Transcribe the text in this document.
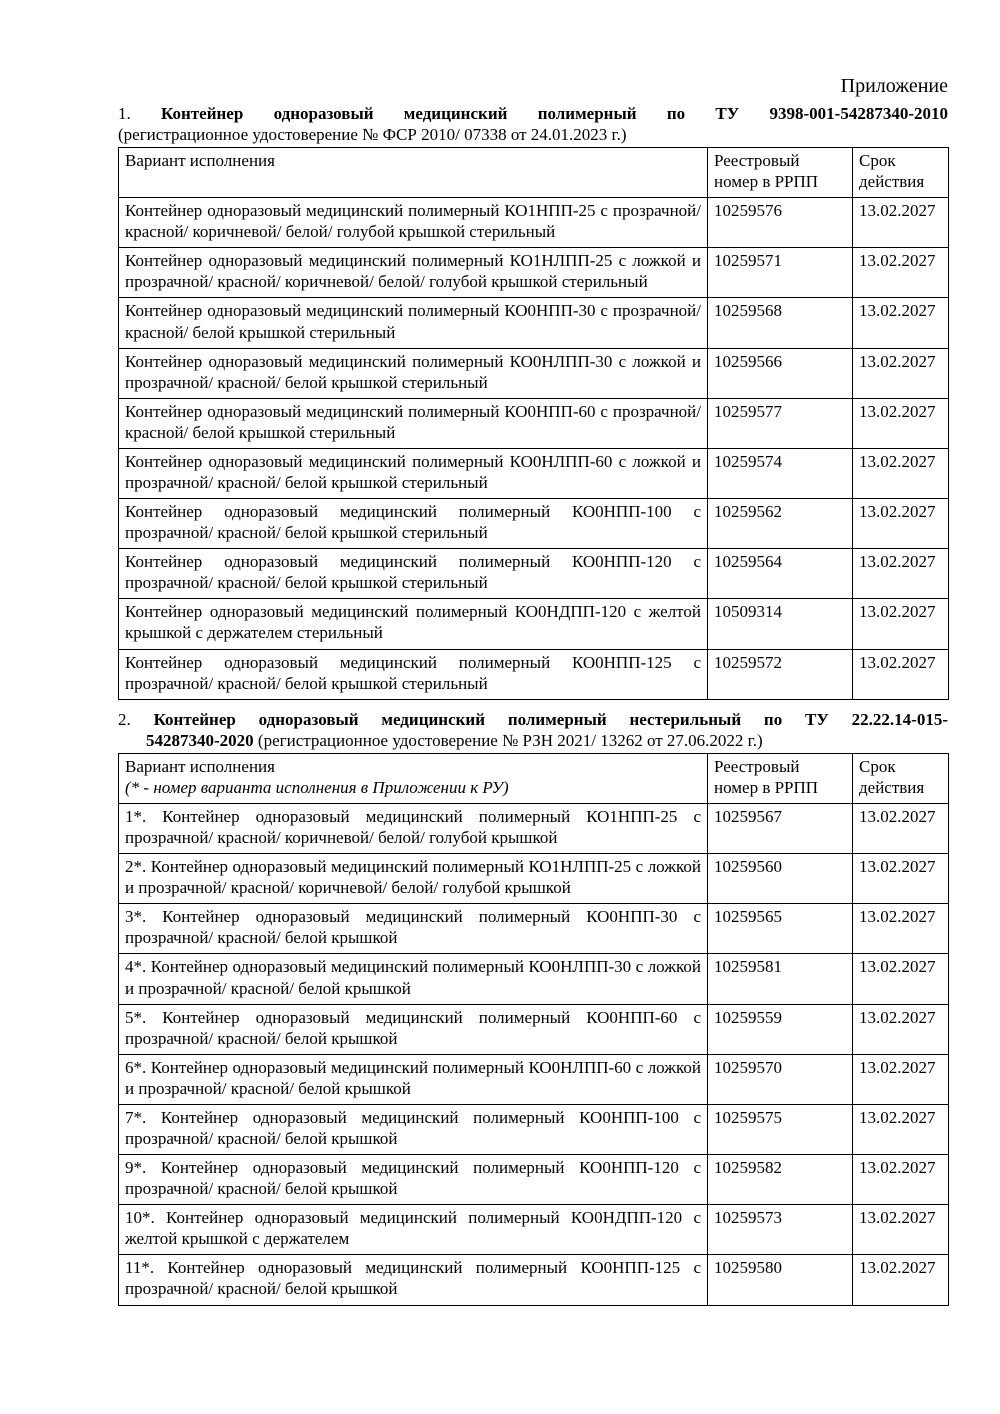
Приложение

1. Контейнер одноразовый медицинский полимерный по ТУ 9398-001-54287340-2010
(регистрационное удостоверение № ФСР 2010/ 07338 от 24.01.2023 г.)

Вариант исполнения	Реестровый номер в РРПП	Срок действия
Контейнер одноразовый медицинский полимерный КО1НПП-25 с прозрачной/ красной/ коричневой/ белой/ голубой крышкой стерильный	10259576	13.02.2027
Контейнер одноразовый медицинский полимерный КО1НЛПП-25 с ложкой и прозрачной/ красной/ коричневой/ белой/ голубой крышкой стерильный	10259571	13.02.2027
Контейнер одноразовый медицинский полимерный КО0НПП-30 с прозрачной/ красной/ белой крышкой стерильный	10259568	13.02.2027
Контейнер одноразовый медицинский полимерный КО0НЛПП-30 с ложкой и прозрачной/ красной/ белой крышкой стерильный	10259566	13.02.2027
Контейнер одноразовый медицинский полимерный КО0НПП-60 с прозрачной/ красной/ белой крышкой стерильный	10259577	13.02.2027
Контейнер одноразовый медицинский полимерный КО0НЛПП-60 с ложкой и прозрачной/ красной/ белой крышкой стерильный	10259574	13.02.2027
Контейнер одноразовый медицинский полимерный КО0НПП-100 с прозрачной/ красной/ белой крышкой стерильный	10259562	13.02.2027
Контейнер одноразовый медицинский полимерный КО0НПП-120 с прозрачной/ красной/ белой крышкой стерильный	10259564	13.02.2027
Контейнер одноразовый медицинский полимерный КО0НДПП-120 с желтой крышкой с держателем стерильный	10509314	13.02.2027
Контейнер одноразовый медицинский полимерный КО0НПП-125 с прозрачной/ красной/ белой крышкой стерильный	10259572	13.02.2027

2. Контейнер одноразовый медицинский полимерный нестерильный по ТУ 22.22.14-015-
54287340-2020 (регистрационное удостоверение № РЗН 2021/ 13262 от 27.06.2022 г.)

Вариант исполнения
(* - номер варианта исполнения в Приложении к РУ)	Реестровый номер в РРПП	Срок действия
1*. Контейнер одноразовый медицинский полимерный КО1НПП-25 с прозрачной/ красной/ коричневой/ белой/ голубой крышкой	10259567	13.02.2027
2*. Контейнер одноразовый медицинский полимерный КО1НЛПП-25 с ложкой и прозрачной/ красной/ коричневой/ белой/ голубой крышкой	10259560	13.02.2027
3*. Контейнер одноразовый медицинский полимерный КО0НПП-30 с прозрачной/ красной/ белой крышкой	10259565	13.02.2027
4*. Контейнер одноразовый медицинский полимерный КО0НЛПП-30 с ложкой и прозрачной/ красной/ белой крышкой	10259581	13.02.2027
5*. Контейнер одноразовый медицинский полимерный КО0НПП-60 с прозрачной/ красной/ белой крышкой	10259559	13.02.2027
6*. Контейнер одноразовый медицинский полимерный КО0НЛПП-60 с ложкой и прозрачной/ красной/ белой крышкой	10259570	13.02.2027
7*. Контейнер одноразовый медицинский полимерный КО0НПП-100 с прозрачной/ красной/ белой крышкой	10259575	13.02.2027
9*. Контейнер одноразовый медицинский полимерный КО0НПП-120 с прозрачной/ красной/ белой крышкой	10259582	13.02.2027
10*. Контейнер одноразовый медицинский полимерный КО0НДПП-120 с желтой крышкой с держателем	10259573	13.02.2027
11*. Контейнер одноразовый медицинский полимерный КО0НПП-125 с прозрачной/ красной/ белой крышкой	10259580	13.02.2027
